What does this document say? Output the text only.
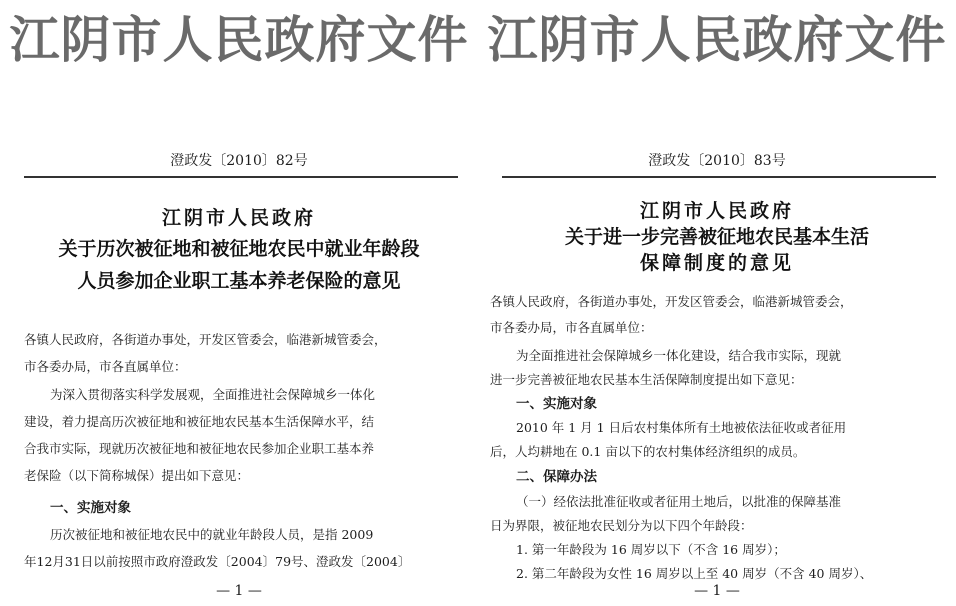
江阴市人民政府文件
澄政发〔2010〕82号
江阴市人民政府
关于历次被征地和被征地农民中就业年龄段
人员参加企业职工基本养老保险的意见
各镇人民政府，各街道办事处，开发区管委会，临港新城管委会，
市各委办局，市各直属单位：
为深入贯彻落实科学发展观，全面推进社会保障城乡一体化
建设，着力提高历次被征地和被征地农民基本生活保障水平，结
合我市实际，现就历次被征地和被征地农民参加企业职工基本养
老保险（以下简称城保）提出如下意见：
一、实施对象
历次被征地和被征地农民中的就业年龄段人员，是指 2009
年12月31日以前按照市政府澄政发〔2004〕79号、澄政发〔2004〕
— 1 —
江阴市人民政府文件
澄政发〔2010〕83号
江阴市人民政府
关于进一步完善被征地农民基本生活
保障制度的意见
各镇人民政府，各街道办事处，开发区管委会，临港新城管委会，
市各委办局，市各直属单位：
为全面推进社会保障城乡一体化建设，结合我市实际，现就
进一步完善被征地农民基本生活保障制度提出如下意见：
一、实施对象
2010 年 1 月 1 日后农村集体所有土地被依法征收或者征用
后，人均耕地在 0.1 亩以下的农村集体经济组织的成员。
二、保障办法
（一）经依法批准征收或者征用土地后，以批准的保障基准
日为界限，被征地农民划分为以下四个年龄段：
1. 第一年龄段为 16 周岁以下（不含 16 周岁）；
2. 第二年龄段为女性 16 周岁以上至 40 周岁（不含 40 周岁）、
— 1 —
